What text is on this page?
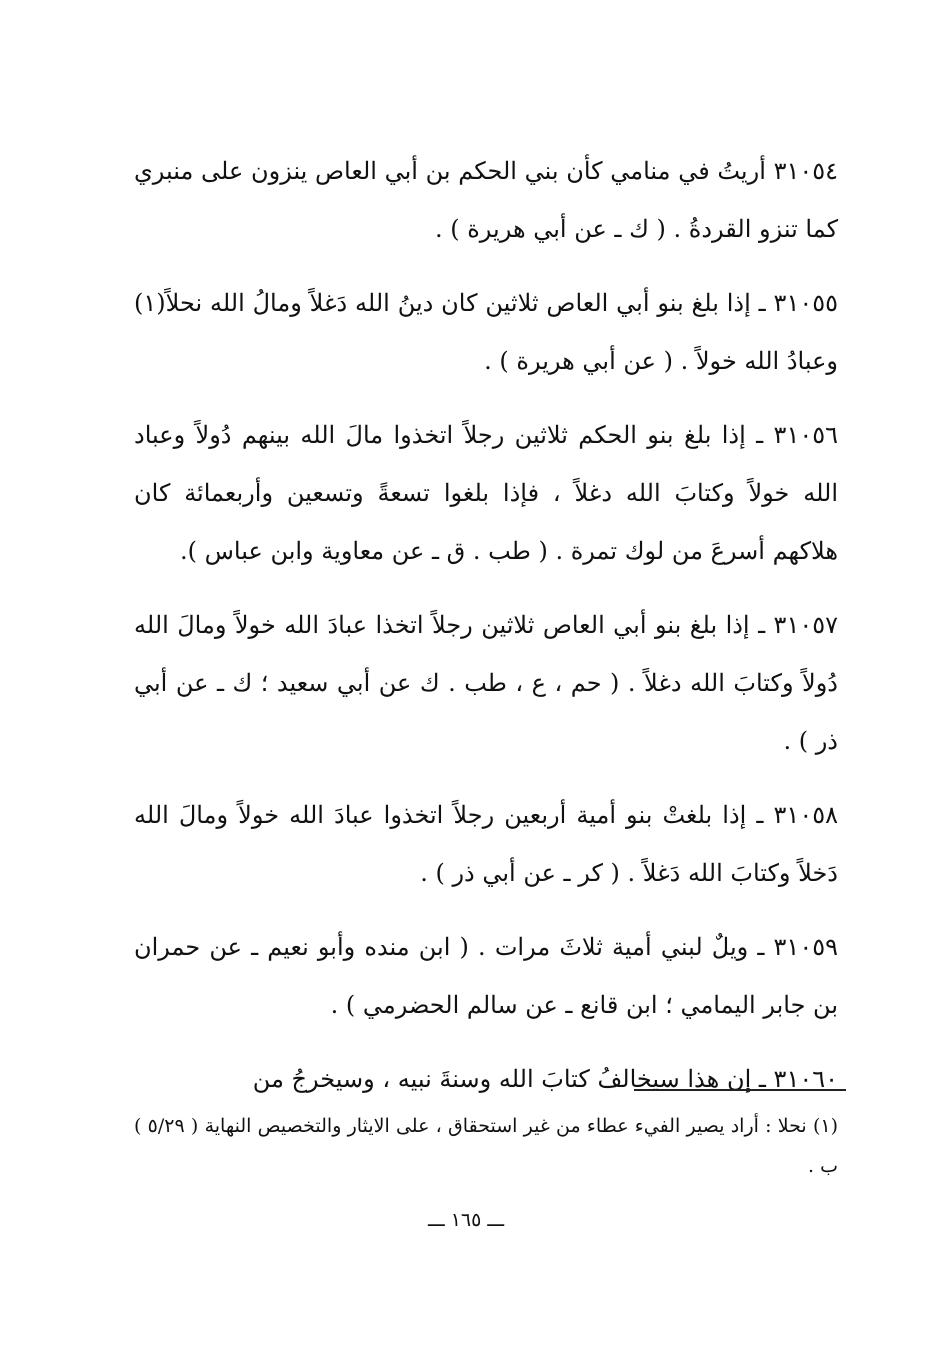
٣١٠٥٤ أريتُ في منامي كأن بني الحكم بن أبي العاص ينزون على منبري كما تنزو القردةُ . ( ك ـ عن أبي هريرة ) .

٣١٠٥٥ ـ إذا بلغ بنو أبي العاص ثلاثين كان دينُ الله دَغلاً ومالُ الله نحلاً(١) وعبادُ الله خولاً . ( عن أبي هريرة ) .

٣١٠٥٦ ـ إذا بلغ بنو الحكم ثلاثين رجلاً اتخذوا مالَ الله بينهم دُولاً وعباد الله خولاً وكتابَ الله دغلاً ، فإذا بلغوا تسعةً وتسعين وأربعمائة كان هلاكهم أسرعَ من لوك تمرة . ( طب . ق ـ عن معاوية وابن عباس ).

٣١٠٥٧ ـ إذا بلغ بنو أبي العاص ثلاثين رجلاً اتخذا عبادَ الله خولاً ومالَ الله دُولاً وكتابَ الله دغلاً . ( حم ، ع ، طب . ك عن أبي سعيد ؛ ك ـ عن أبي ذر ) .

٣١٠٥٨ ـ إذا بلغتْ بنو أمية أربعين رجلاً اتخذوا عبادَ الله خولاً ومالَ الله دَخلاً وكتابَ الله دَغلاً . ( كر ـ عن أبي ذر ) .

٣١٠٥٩ ـ ويلٌ لبني أمية ثلاثَ مرات . ( ابن منده وأبو نعيم ـ عن حمران بن جابر اليمامي ؛ ابن قانع ـ عن سالم الحضرمي ) .

٣١٠٦٠ ـ إن هذا سيخالفُ كتابَ الله وسنةَ نبيه ، وسيخرجُ من

(١) نحلا : أراد يصير الفيء عطاء من غير استحقاق ، على الايثار والتخصيص النهاية ( ٥/٢٩ ) ب .
ـــ ١٦٥ ـــ
